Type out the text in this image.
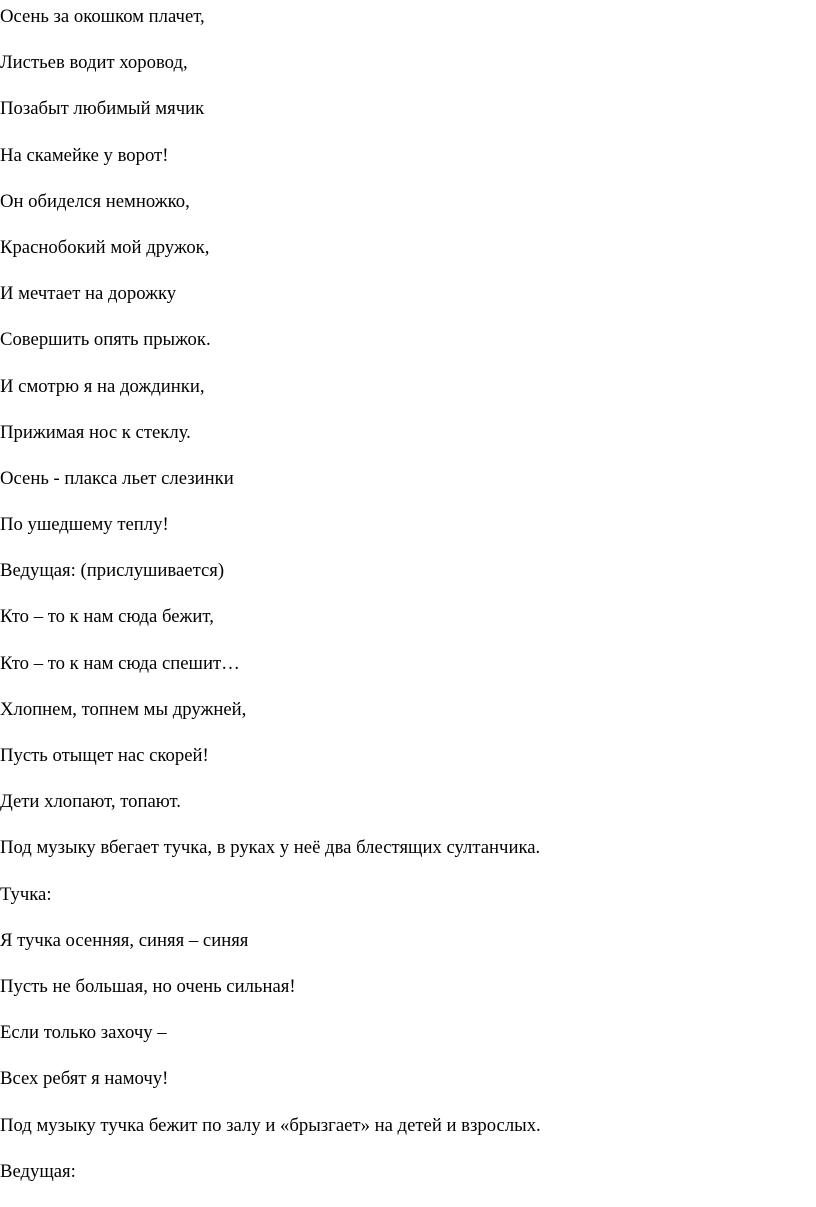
Осень за окошком плачет,

Листьев водит хоровод,

Позабыт любимый мячик

На скамейке у ворот!

Он обиделся немножко,

Краснобокий мой дружок,

И мечтает на дорожку

Совершить опять прыжок.

И смотрю я на дождинки,

Прижимая нос к стеклу.

Осень - плакса льет слезинки

По ушедшему теплу!

Ведущая: (прислушивается)

Кто – то к нам сюда бежит,

Кто – то к нам сюда спешит…

Хлопнем, топнем мы дружней,

Пусть отыщет нас скорей!

Дети хлопают, топают.

Под музыку вбегает тучка, в руках у неё два блестящих султанчика.

Тучка:

Я тучка осенняя, синяя – синяя

Пусть не большая, но очень сильная!

Если только захочу –

Всех ребят я намочу!

Под музыку тучка бежит по залу и «брызгает» на детей и взрослых.

Ведущая:
